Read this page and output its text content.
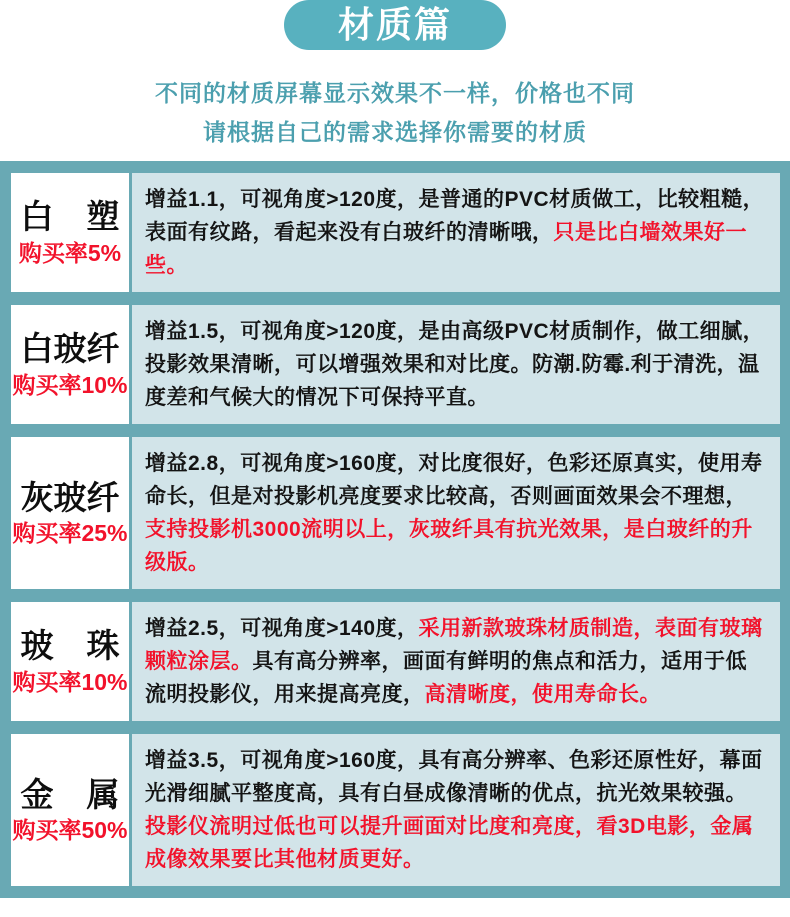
材质篇
不同的材质屏幕显示效果不一样，价格也不同
请根据自己的需求选择你需要的材质
白　塑
购买率5%
增益1.1，可视角度>120度，是普通的PVC材质做工，比较粗糙，表面有纹路，看起来没有白玻纤的清晰哦，只是比白墙效果好一些。
白玻纤
购买率10%
增益1.5，可视角度>120度，是由高级PVC材质制作，做工细腻，投影效果清晰，可以增强效果和对比度。防潮.防霉.利于清洗，温度差和气候大的情况下可保持平直。
灰玻纤
购买率25%
增益2.8，可视角度>160度，对比度很好，色彩还原真实，使用寿命长，但是对投影机亮度要求比较高，否则画面效果会不理想，支持投影机3000流明以上，灰玻纤具有抗光效果，是白玻纤的升级版。
玻　珠
购买率10%
增益2.5，可视角度>140度，采用新款玻珠材质制造，表面有玻璃颗粒涂层。具有高分辨率，画面有鲜明的焦点和活力，适用于低流明投影仪，用来提高亮度，高清晰度，使用寿命长。
金　属
购买率50%
增益3.5，可视角度>160度，具有高分辨率、色彩还原性好，幕面光滑细腻平整度高，具有白昼成像清晰的优点，抗光效果较强。
投影仪流明过低也可以提升画面对比度和亮度，看3D电影，金属成像效果要比其他材质更好。
